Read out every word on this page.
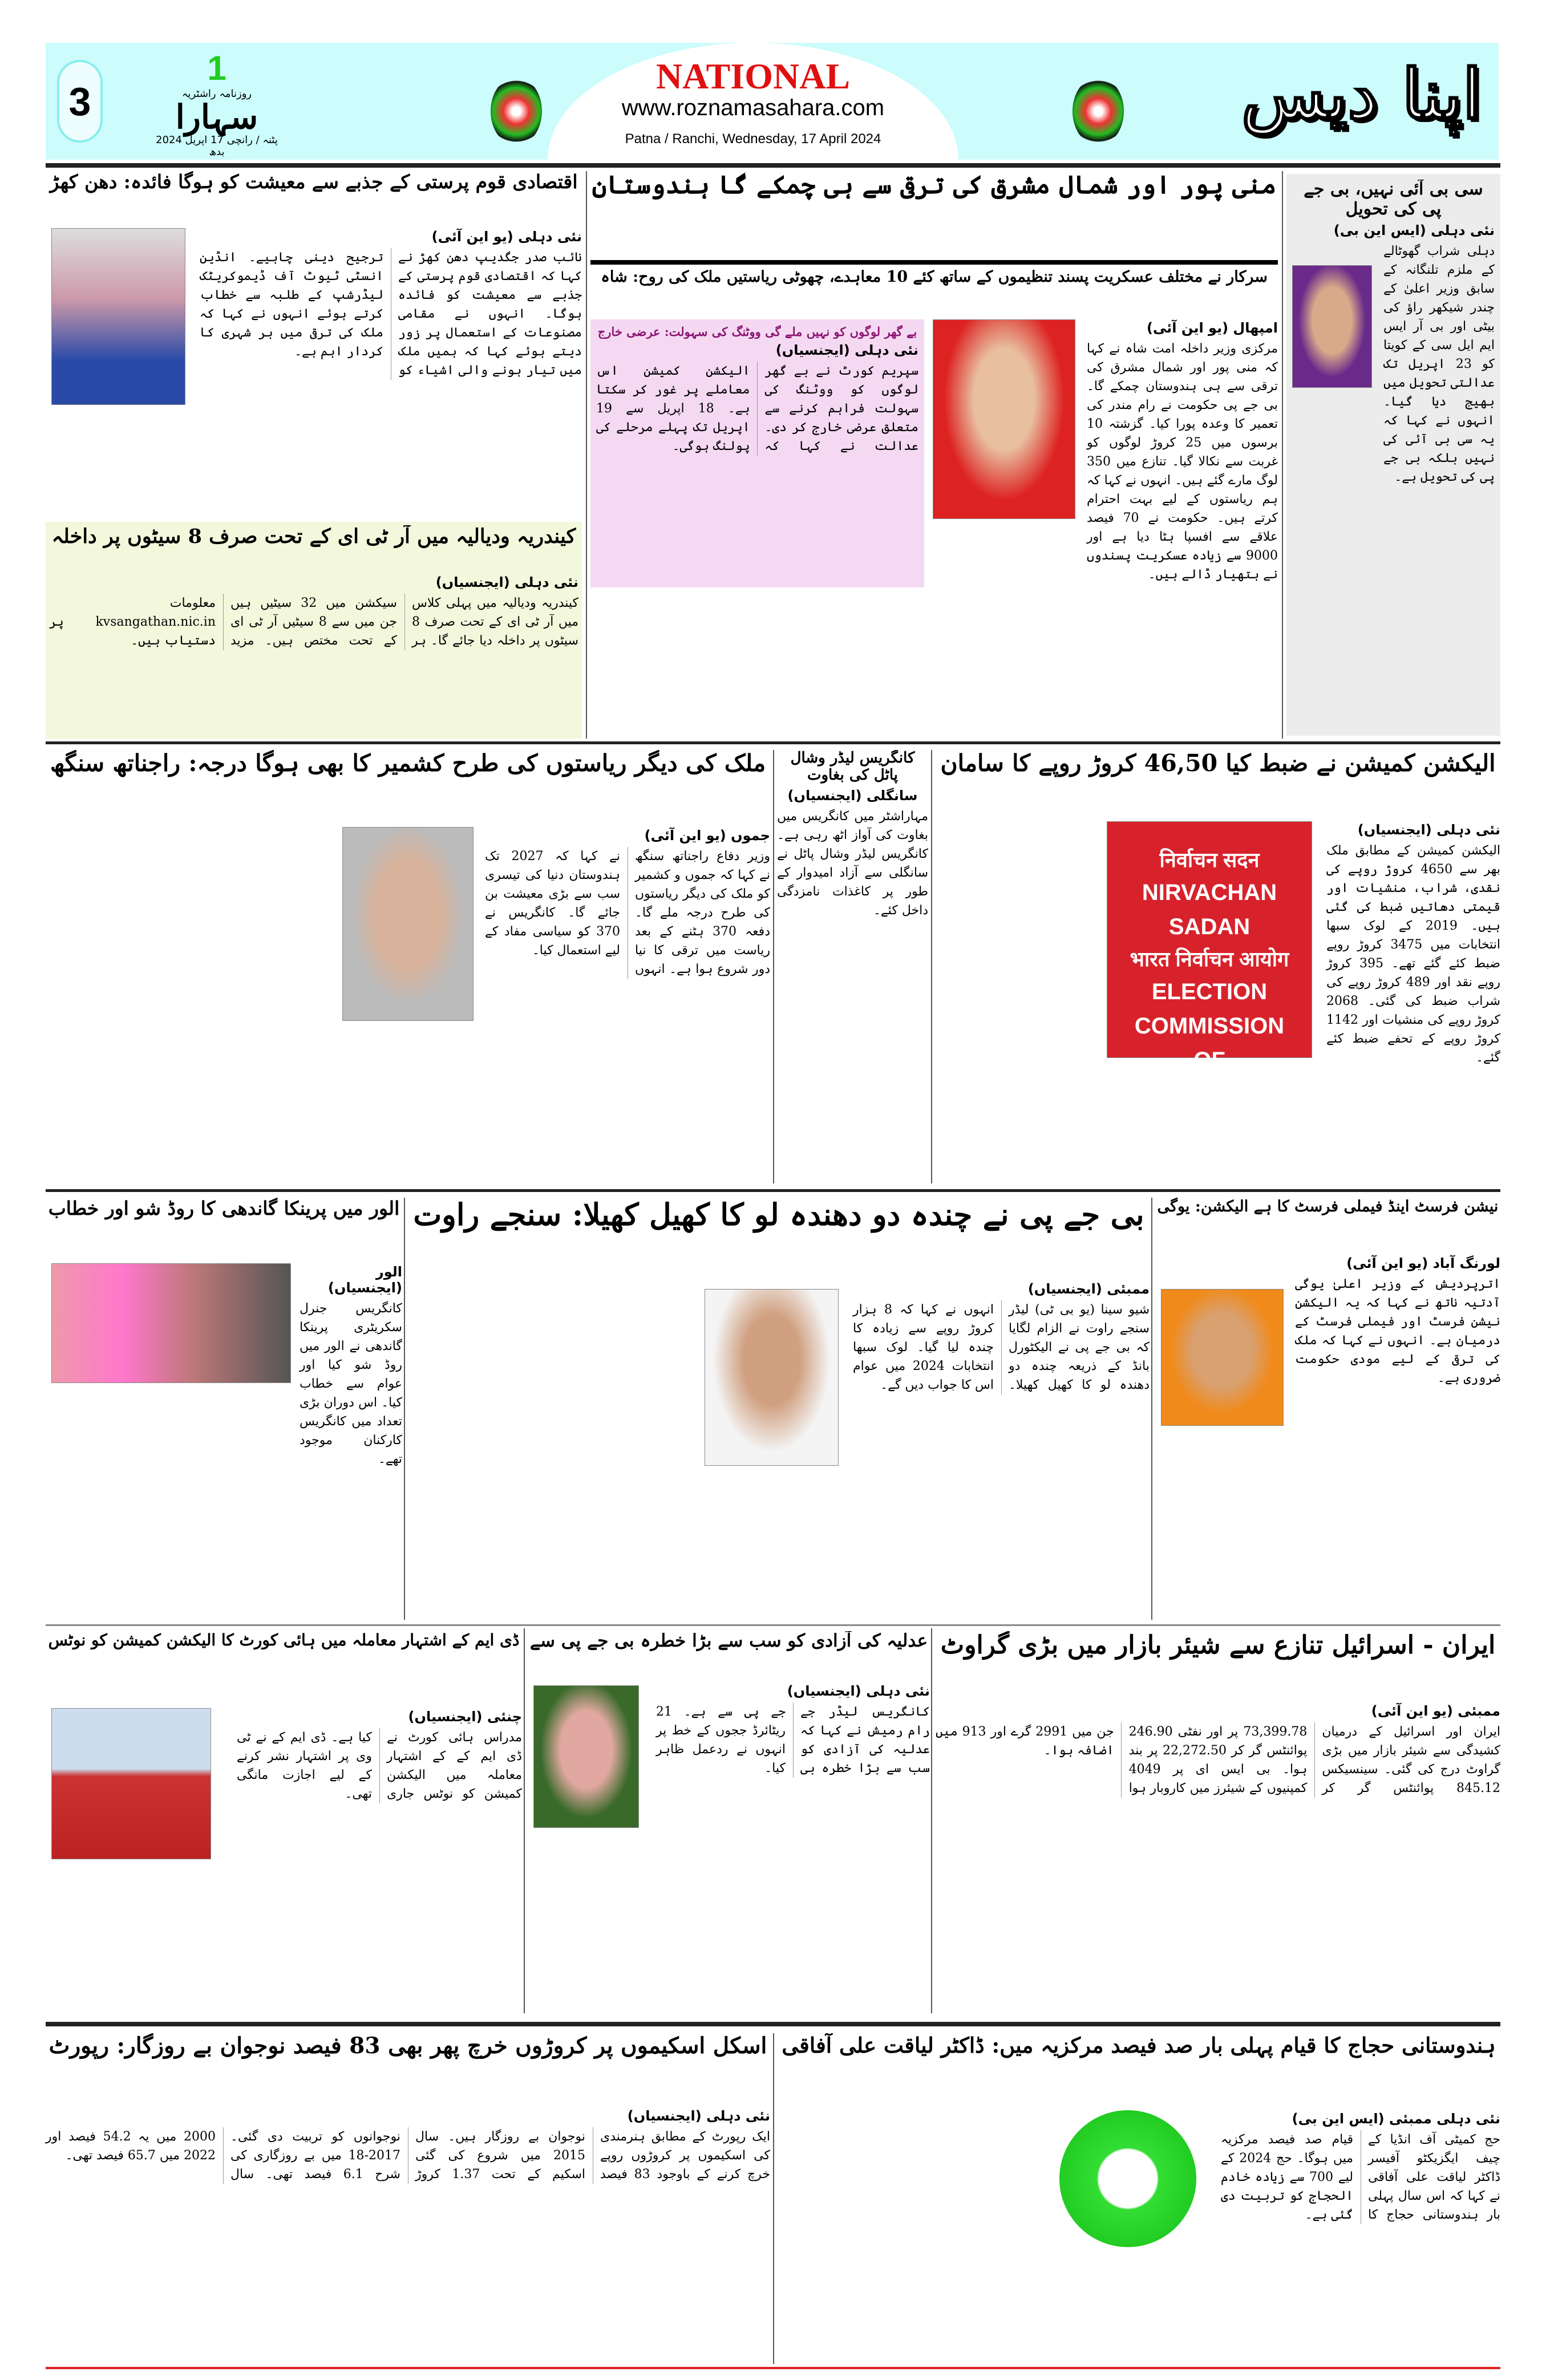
3
1
روزنامہ راشٹریہ
سہارا
پٹنہ / رانچی 17 اپریل 2024 بدھ
NATIONAL
www.roznamasahara.com
Patna / Ranchi, Wednesday, 17 April 2024
اپنا دیس
اقتصادی قوم پرستی کے جذبے سے معیشت کو ہوگا فائدہ: دھن کھڑ
نئی دہلی (یو این آئی)
نائب صدر جگدیپ دھن کھڑ نے کہا کہ اقتصادی قوم پرستی کے جذبے سے معیشت کو فائدہ ہوگا۔ انہوں نے مقامی مصنوعات کے استعمال پر زور دیتے ہوئے کہا کہ ہمیں ملک میں تیار ہونے والی اشیاء کو ترجیح دینی چاہیے۔ انڈین انسٹی ٹیوٹ آف ڈیموکریٹک لیڈرشپ کے طلبہ سے خطاب کرتے ہوئے انہوں نے کہا کہ ملک کی ترقی میں ہر شہری کا کردار اہم ہے۔
کیندریہ ودیالیہ میں آر ٹی ای کے تحت صرف 8 سیٹوں پر داخلہ
نئی دہلی (ایجنسیاں)
کیندریہ ودیالیہ میں پہلی کلاس میں آر ٹی ای کے تحت صرف 8 سیٹوں پر داخلہ دیا جائے گا۔ ہر سیکشن میں 32 سیٹیں ہیں جن میں سے 8 سیٹیں آر ٹی ای کے تحت مختص ہیں۔ مزید معلومات kvsangathan.nic.in پر دستیاب ہیں۔
منی پور اور شمال مشرق کی ترقی سے ہی چمکے گا ہندوستان
سرکار نے مختلف عسکریت پسند تنظیموں کے ساتھ کئے 10 معاہدے، چھوٹی ریاستیں ملک کی روح: شاہ
امپھال (یو این آئی)
مرکزی وزیر داخلہ امت شاہ نے کہا کہ منی پور اور شمال مشرق کی ترقی سے ہی ہندوستان چمکے گا۔ بی جے پی حکومت نے رام مندر کی تعمیر کا وعدہ پورا کیا۔ گزشتہ 10 برسوں میں 25 کروڑ لوگوں کو غربت سے نکالا گیا۔ تنازع میں 350 لوگ مارے گئے ہیں۔ انہوں نے کہا کہ ہم ریاستوں کے لیے بہت احترام کرتے ہیں۔ حکومت نے 70 فیصد علاقے سے افسپا ہٹا دیا ہے اور 9000 سے زیادہ عسکریت پسندوں نے ہتھیار ڈالے ہیں۔
بے گھر لوگوں کو نہیں ملے گی ووٹنگ کی سہولت: عرضی خارج
نئی دہلی (ایجنسیاں)
سپریم کورٹ نے بے گھر لوگوں کو ووٹنگ کی سہولت فراہم کرنے سے متعلق عرضی خارج کر دی۔ عدالت نے کہا کہ الیکشن کمیشن اس معاملے پر غور کر سکتا ہے۔ 18 اپریل سے 19 اپریل تک پہلے مرحلے کی پولنگ ہوگی۔
سی بی آئی نہیں، بی جے پی کی تحویل
نئی دہلی (ایس این بی)
دہلی شراب گھوٹالے کے ملزم تلنگانہ کے سابق وزیر اعلیٰ کے چندر شیکھر راؤ کی بیٹی اور بی آر ایس ایم ایل سی کے کویتا کو 23 اپریل تک عدالتی تحویل میں بھیج دیا گیا۔ انہوں نے کہا کہ یہ سی بی آئی کی نہیں بلکہ بی جے پی کی تحویل ہے۔
ملک کی دیگر ریاستوں کی طرح کشمیر کا بھی ہوگا درجہ: راجناتھ سنگھ
جموں (یو این آئی)
وزیر دفاع راجناتھ سنگھ نے کہا کہ جموں و کشمیر کو ملک کی دیگر ریاستوں کی طرح درجہ ملے گا۔ دفعہ 370 ہٹنے کے بعد ریاست میں ترقی کا نیا دور شروع ہوا ہے۔ انہوں نے کہا کہ 2027 تک ہندوستان دنیا کی تیسری سب سے بڑی معیشت بن جائے گا۔ کانگریس نے 370 کو سیاسی مفاد کے لیے استعمال کیا۔
کانگریس لیڈر وشال پاٹل کی بغاوت
سانگلی (ایجنسیاں)
مہاراشٹر میں کانگریس میں بغاوت کی آواز اٹھ رہی ہے۔ کانگریس لیڈر وشال پاٹل نے سانگلی سے آزاد امیدوار کے طور پر کاغذات نامزدگی داخل کئے۔
الیکشن کمیشن نے ضبط کیا 46,50 کروڑ روپے کا سامان
निर्वाचन सदन
NIRVACHAN SADAN
भारत निर्वाचन आयोग
ELECTION COMMISSION
OF
INDIA
نئی دہلی (ایجنسیاں)
الیکشن کمیشن کے مطابق ملک بھر سے 4650 کروڑ روپے کی نقدی، شراب، منشیات اور قیمتی دھاتیں ضبط کی گئی ہیں۔ 2019 کے لوک سبھا انتخابات میں 3475 کروڑ روپے ضبط کئے گئے تھے۔ 395 کروڑ روپے نقد اور 489 کروڑ روپے کی شراب ضبط کی گئی۔ 2068 کروڑ روپے کی منشیات اور 1142 کروڑ روپے کے تحفے ضبط کئے گئے۔
الور میں پرینکا گاندھی کا روڈ شو اور خطاب
الور (ایجنسیاں)
کانگریس جنرل سکریٹری پرینکا گاندھی نے الور میں روڈ شو کیا اور عوام سے خطاب کیا۔ اس دوران بڑی تعداد میں کانگریس کارکنان موجود تھے۔
بی جے پی نے چندہ دو دھندہ لو کا کھیل کھیلا: سنجے راوت
ممبئی (ایجنسیاں)
شیو سینا (یو بی ٹی) لیڈر سنجے راوت نے الزام لگایا کہ بی جے پی نے الیکٹورل بانڈ کے ذریعہ چندہ دو دھندہ لو کا کھیل کھیلا۔ انہوں نے کہا کہ 8 ہزار کروڑ روپے سے زیادہ کا چندہ لیا گیا۔ لوک سبھا انتخابات 2024 میں عوام اس کا جواب دیں گے۔
نیشن فرسٹ اینڈ فیملی فرسٹ کا ہے الیکشن: یوگی
لورنگ آباد (یو این آئی)
اترپردیش کے وزیر اعلیٰ یوگی آدتیہ ناتھ نے کہا کہ یہ الیکشن نیشن فرسٹ اور فیملی فرسٹ کے درمیان ہے۔ انہوں نے کہا کہ ملک کی ترقی کے لیے مودی حکومت ضروری ہے۔
ڈی ایم کے اشتہار معاملہ میں ہائی کورٹ کا الیکشن کمیشن کو نوٹس
چنئی (ایجنسیاں)
مدراس ہائی کورٹ نے ڈی ایم کے کے اشتہار معاملہ میں الیکشن کمیشن کو نوٹس جاری کیا ہے۔ ڈی ایم کے نے ٹی وی پر اشتہار نشر کرنے کے لیے اجازت مانگی تھی۔
عدلیہ کی آزادی کو سب سے بڑا خطرہ بی جے پی سے
نئی دہلی (ایجنسیاں)
کانگریس لیڈر جے رام رمیش نے کہا کہ عدلیہ کی آزادی کو سب سے بڑا خطرہ بی جے پی سے ہے۔ 21 ریٹائرڈ ججوں کے خط پر انہوں نے ردعمل ظاہر کیا۔
ایران - اسرائیل تنازع سے شیئر بازار میں بڑی گراوٹ
ممبئی (یو این آئی)
ایران اور اسرائیل کے درمیان کشیدگی سے شیئر بازار میں بڑی گراوٹ درج کی گئی۔ سینسیکس 845.12 پوائنٹس گر کر 73,399.78 پر اور نفٹی 246.90 پوائنٹس گر کر 22,272.50 پر بند ہوا۔ بی ایس ای پر 4049 کمپنیوں کے شیئرز میں کاروبار ہوا جن میں 2991 گرے اور 913 میں اضافہ ہوا۔
اسکل اسکیموں پر کروڑوں خرچ پھر بھی 83 فیصد نوجوان بے روزگار: رپورٹ
نئی دہلی (ایجنسیاں)
ایک رپورٹ کے مطابق ہنرمندی کی اسکیموں پر کروڑوں روپے خرچ کرنے کے باوجود 83 فیصد نوجوان بے روزگار ہیں۔ سال 2015 میں شروع کی گئی اسکیم کے تحت 1.37 کروڑ نوجوانوں کو تربیت دی گئی۔ 2017-18 میں بے روزگاری کی شرح 6.1 فیصد تھی۔ سال 2000 میں یہ 54.2 فیصد اور 2022 میں 65.7 فیصد تھی۔
ہندوستانی حجاج کا قیام پہلی بار صد فیصد مرکزیہ میں: ڈاکٹر لیاقت علی آفاقی
نئی دہلی ممبئی (ایس این بی)
حج کمیٹی آف انڈیا کے چیف ایگزیکٹو آفیسر ڈاکٹر لیاقت علی آفاقی نے کہا کہ اس سال پہلی بار ہندوستانی حجاج کا قیام صد فیصد مرکزیہ میں ہوگا۔ حج 2024 کے لیے 700 سے زیادہ خادم الحجاج کو تربیت دی گئی ہے۔
